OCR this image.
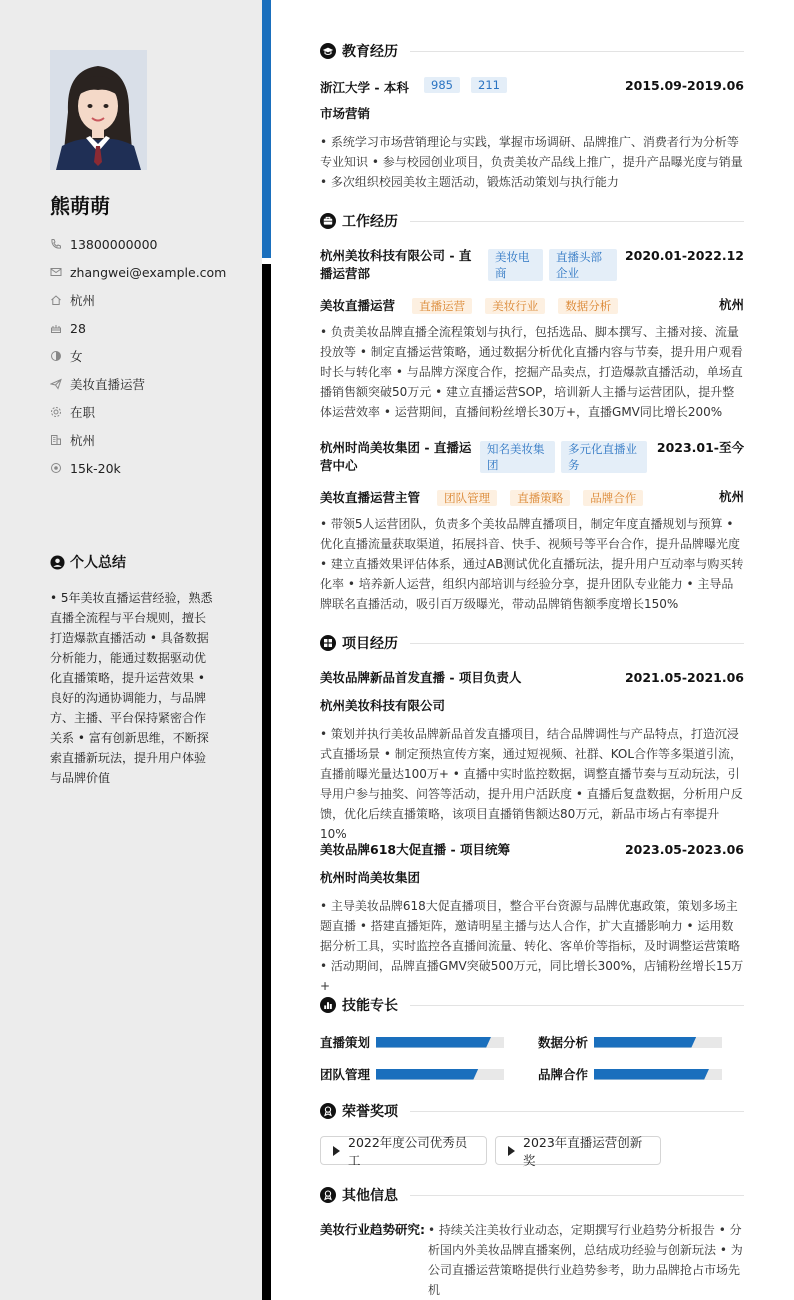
熊萌萌
13800000000
zhangwei@example.com
杭州
28
女
美妆直播运营
在职
杭州
15k-20k
个人总结
• 5年美妆直播运营经验，熟悉直播全流程与平台规则，擅长打造爆款直播活动 • 具备数据分析能力，能通过数据驱动优化直播策略，提升运营效果 • 良好的沟通协调能力，与品牌方、主播、平台保持紧密合作关系 • 富有创新思维，不断探索直播新玩法，提升用户体验与品牌价值
教育经历
浙江大学 - 本科 985 211	2015.09-2019.06
市场营销
• 系统学习市场营销理论与实践，掌握市场调研、品牌推广、消费者行为分析等专业知识 • 参与校园创业项目，负责美妆产品线上推广，提升产品曝光度与销量 • 多次组织校园美妆主题活动，锻炼活动策划与执行能力
工作经历
杭州美妆科技有限公司 - 直播运营部
美妆电商
直播头部企业
2020.01-2022.12
美妆直播运营 直播运营 美妆行业 数据分析	杭州
• 负责美妆品牌直播全流程策划与执行，包括选品、脚本撰写、主播对接、流量投放等 • 制定直播运营策略，通过数据分析优化直播内容与节奏，提升用户观看时长与转化率 • 与品牌方深度合作，挖掘产品卖点，打造爆款直播活动，单场直播销售额突破50万元 • 建立直播运营SOP，培训新人主播与运营团队，提升整体运营效率 • 运营期间，直播间粉丝增长30万+，直播GMV同比增长200%
杭州时尚美妆集团 - 直播运营中心
知名美妆集团
多元化直播业务
2023.01-至今
美妆直播运营主管 团队管理 直播策略 品牌合作	杭州
• 带领5人运营团队，负责多个美妆品牌直播项目，制定年度直播规划与预算 • 优化直播流量获取渠道，拓展抖音、快手、视频号等平台合作，提升品牌曝光度 • 建立直播效果评估体系，通过AB测试优化直播玩法，提升用户互动率与购买转化率 • 培养新人运营，组织内部培训与经验分享，提升团队专业能力 • 主导品牌联名直播活动，吸引百万级曝光，带动品牌销售额季度增长150%
项目经历
美妆品牌新品首发直播 - 项目负责人	2021.05-2021.06
杭州美妆科技有限公司
• 策划并执行美妆品牌新品首发直播项目，结合品牌调性与产品特点，打造沉浸式直播场景 • 制定预热宣传方案，通过短视频、社群、KOL合作等多渠道引流，直播前曝光量达100万+ • 直播中实时监控数据，调整直播节奏与互动玩法，引导用户参与抽奖、问答等活动，提升用户活跃度 • 直播后复盘数据，分析用户反馈，优化后续直播策略，该项目直播销售额达80万元，新品市场占有率提升10%
美妆品牌618大促直播 - 项目统筹	2023.05-2023.06
杭州时尚美妆集团
• 主导美妆品牌618大促直播项目，整合平台资源与品牌优惠政策，策划多场主题直播 • 搭建直播矩阵，邀请明星主播与达人合作，扩大直播影响力 • 运用数据分析工具，实时监控各直播间流量、转化、客单价等指标，及时调整运营策略 • 活动期间，品牌直播GMV突破500万元，同比增长300%，店铺粉丝增长15万+
技能专长
直播策划	数据分析
团队管理	品牌合作
荣誉奖项
2022年度公司优秀员工
2023年直播运营创新奖
其他信息
美妆行业趋势研究: • 持续关注美妆行业动态，定期撰写行业趋势分析报告 • 分析国内外美妆品牌直播案例，总结成功经验与创新玩法 • 为公司直播运营策略提供行业趋势参考，助力品牌抢占市场先机
